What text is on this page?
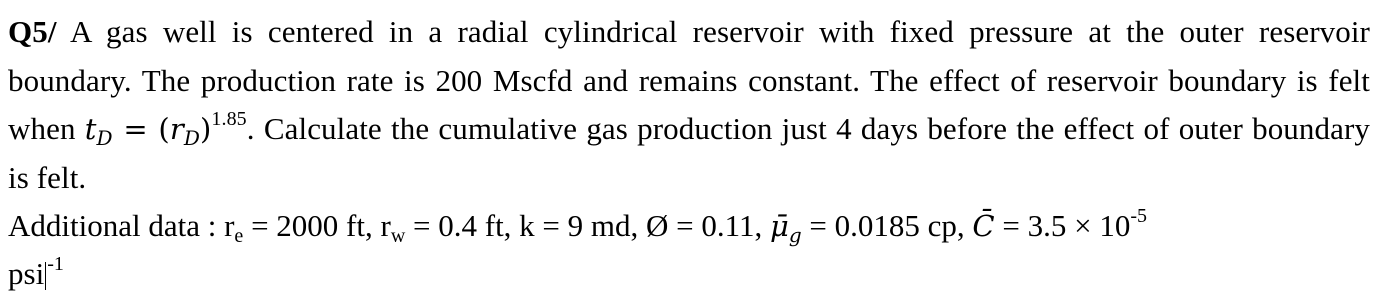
Q5/ A gas well is centered in a radial cylindrical reservoir with fixed pressure at the outer reservoir boundary. The production rate is 200 Mscfd and remains constant. The effect of reservoir boundary is felt when $t_D = (r_D)^{1.85}$. Calculate the cumulative gas production just 4 days before the effect of outer boundary is felt.

Additional data : $r_e = 2000$ ft, $r_w = 0.4$ ft, k = 9 md, Ø = 0.11, $\mū_g = 0.0185$ cp, C̄ = $3.5 \times 10^{-5}$

psi $^{-1}$
